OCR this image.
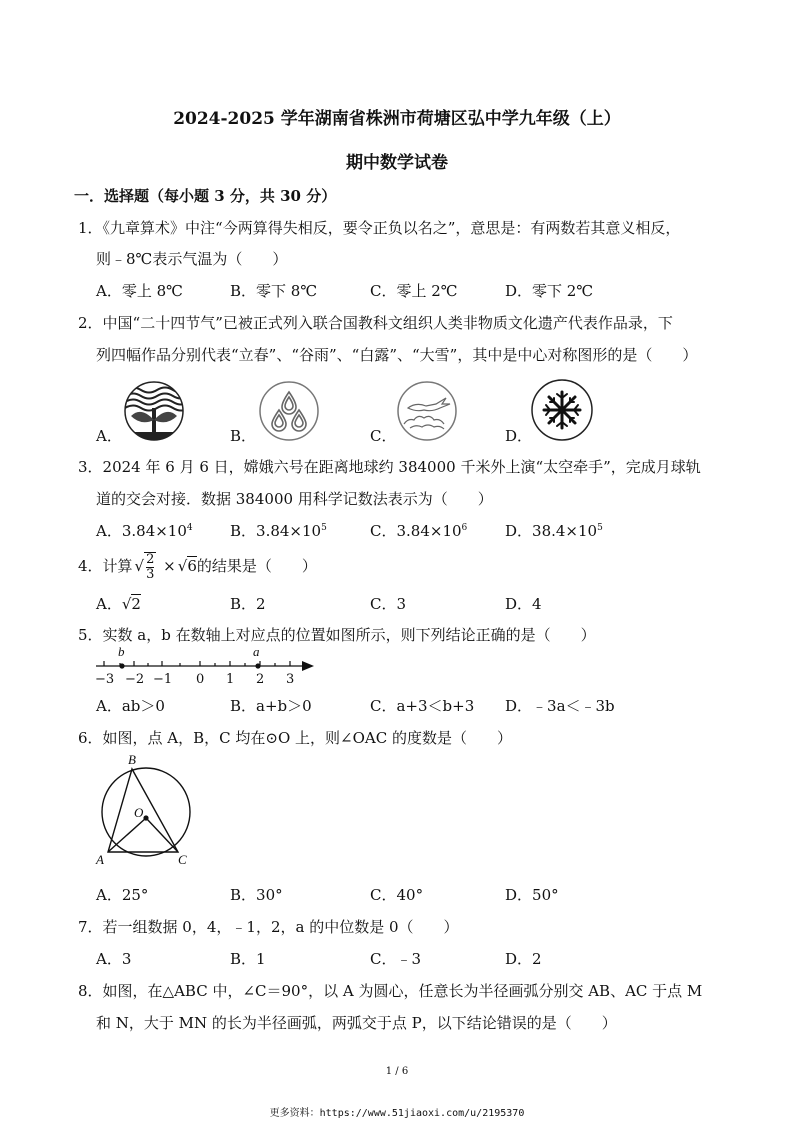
2024-2025 学年湖南省株洲市荷塘区弘中学九年级（上）
期中数学试卷
一．选择题（每小题 3 分，共 30 分）
1．《九章算术》中注“今两算得失相反，要令正负以名之”，意思是：有两数若其意义相反，
则﹣8℃表示气温为（　　）
A．零上 8℃	B．零下 8℃	C．零上 2℃	D．零下 2℃
2．中国“二十四节气”已被正式列入联合国教科文组织人类非物质文化遗产代表作品录，下
列四幅作品分别代表“立春”、“谷雨”、“白露”、“大雪”，其中是中心对称图形的是（　　）
A．	B．	C．	D．
3．2024 年 6 月 6 日，嫦娥六号在距离地球约 384000 千米外上演“太空牵手”，完成月球轨
道的交会对接．数据 384000 用科学记数法表示为（　　）
A．$3.84\times 10^4$ B．$3.84\times 10^5$	C．$3.84\times 10^6$	D．$38.4\times 10^5$
4．计算 √ $\frac{2}{3} \times √6$的结果是（　　）
A．√2	B．2	C．3	D．4
5．实数 a，b 在数轴上对应点的位置如图所示，则下列结论正确的是（　　）
b	a
−3 −2 −1 0 1 2 3
A．ab＞0	B．a+b＞0	C．a+3＜b+3 D．﹣3a＜﹣3b
6．如图，点 A，B，C 均在⊙O 上，则∠OAC 的度数是（　　）
B
O
A	C
A．25°	B．30°	C．40°	D．50°
7．若一组数据 0，4，﹣1，2，a 的中位数是 0（　　）
A．3	B．1	C．﹣3	D．2
8．如图，在△ABC 中，∠C＝90°，以 A 为圆心，任意长为半径画弧分别交 AB、AC 于点 M
和 N，大于 MN 的长为半径画弧，两弧交于点 P，以下结论错误的是（　　）
1 / 6
更多资料：https://www.51jiaoxi.com/u/2195370
